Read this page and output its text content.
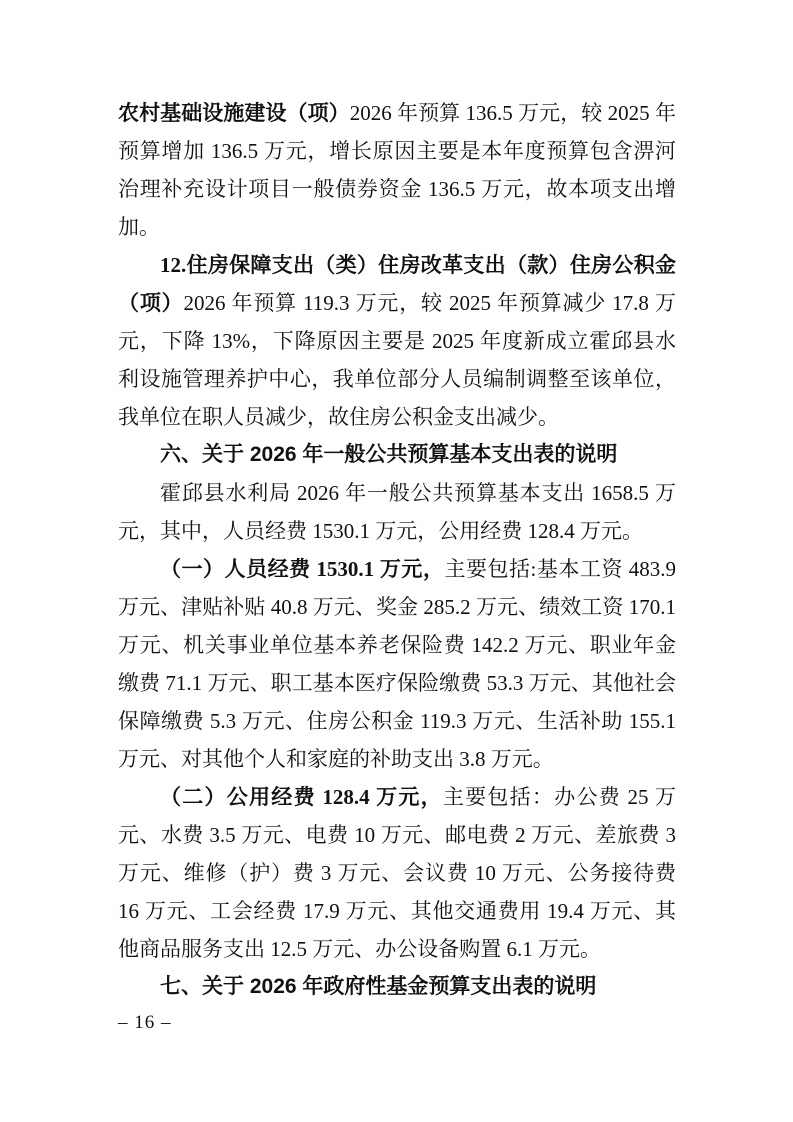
农村基础设施建设（项）2026 年预算 136.5 万元，较 2025 年预算增加 136.5 万元，增长原因主要是本年度预算包含淠河治理补充设计项目一般债券资金 136.5 万元，故本项支出增加。

12.住房保障支出（类）住房改革支出（款）住房公积金（项）2026 年预算 119.3 万元，较 2025 年预算减少 17.8 万元，下降 13%，下降原因主要是 2025 年度新成立霍邱县水利设施管理养护中心，我单位部分人员编制调整至该单位，我单位在职人员减少，故住房公积金支出减少。

六、关于 2026 年一般公共预算基本支出表的说明

霍邱县水利局 2026 年一般公共预算基本支出 1658.5 万元，其中，人员经费 1530.1 万元，公用经费 128.4 万元。

（一）人员经费 1530.1 万元，主要包括:基本工资 483.9 万元、津贴补贴 40.8 万元、奖金 285.2 万元、绩效工资 170.1 万元、机关事业单位基本养老保险费 142.2 万元、职业年金缴费 71.1 万元、职工基本医疗保险缴费 53.3 万元、其他社会保障缴费 5.3 万元、住房公积金 119.3 万元、生活补助 155.1 万元、对其他个人和家庭的补助支出 3.8 万元。

（二）公用经费 128.4 万元，主要包括：办公费 25 万元、水费 3.5 万元、电费 10 万元、邮电费 2 万元、差旅费 3 万元、维修（护）费 3 万元、会议费 10 万元、公务接待费 16 万元、工会经费 17.9 万元、其他交通费用 19.4 万元、其他商品服务支出 12.5 万元、办公设备购置 6.1 万元。

七、关于 2026 年政府性基金预算支出表的说明
– 16 –
